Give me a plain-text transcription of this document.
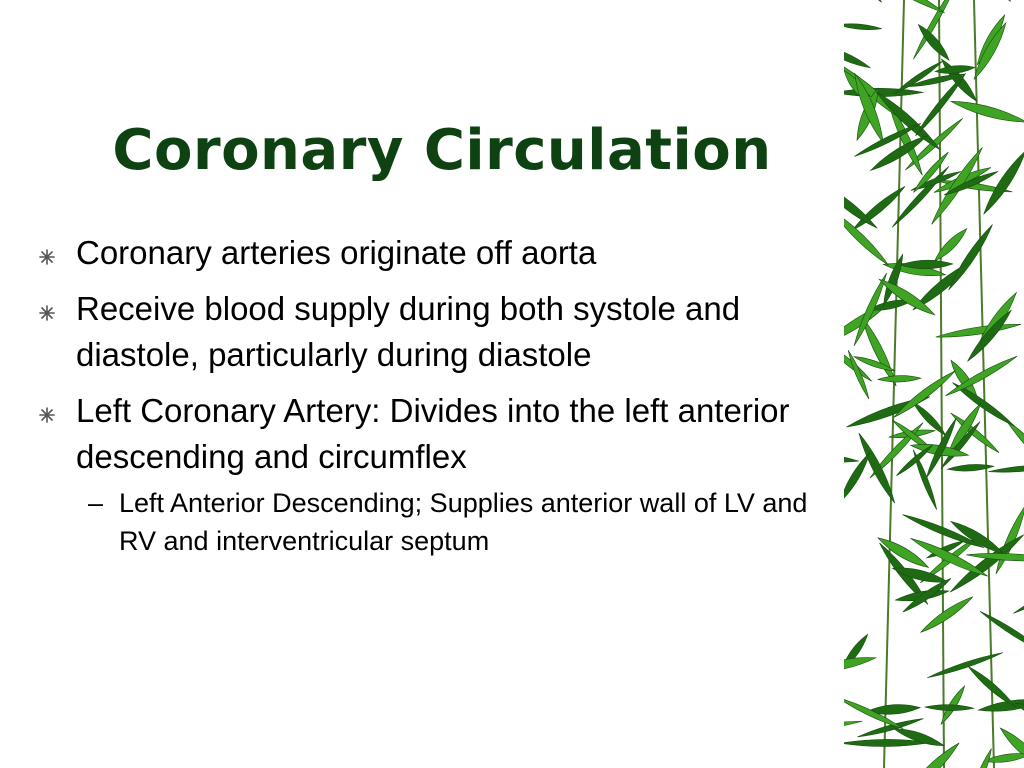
Coronary Circulation
Coronary arteries originate off aorta
Receive blood supply during both systole and diastole, particularly during diastole
Left Coronary Artery: Divides into the left anterior descending and circumflex
– Left Anterior Descending; Supplies anterior wall of LV and RV and interventricular septum
